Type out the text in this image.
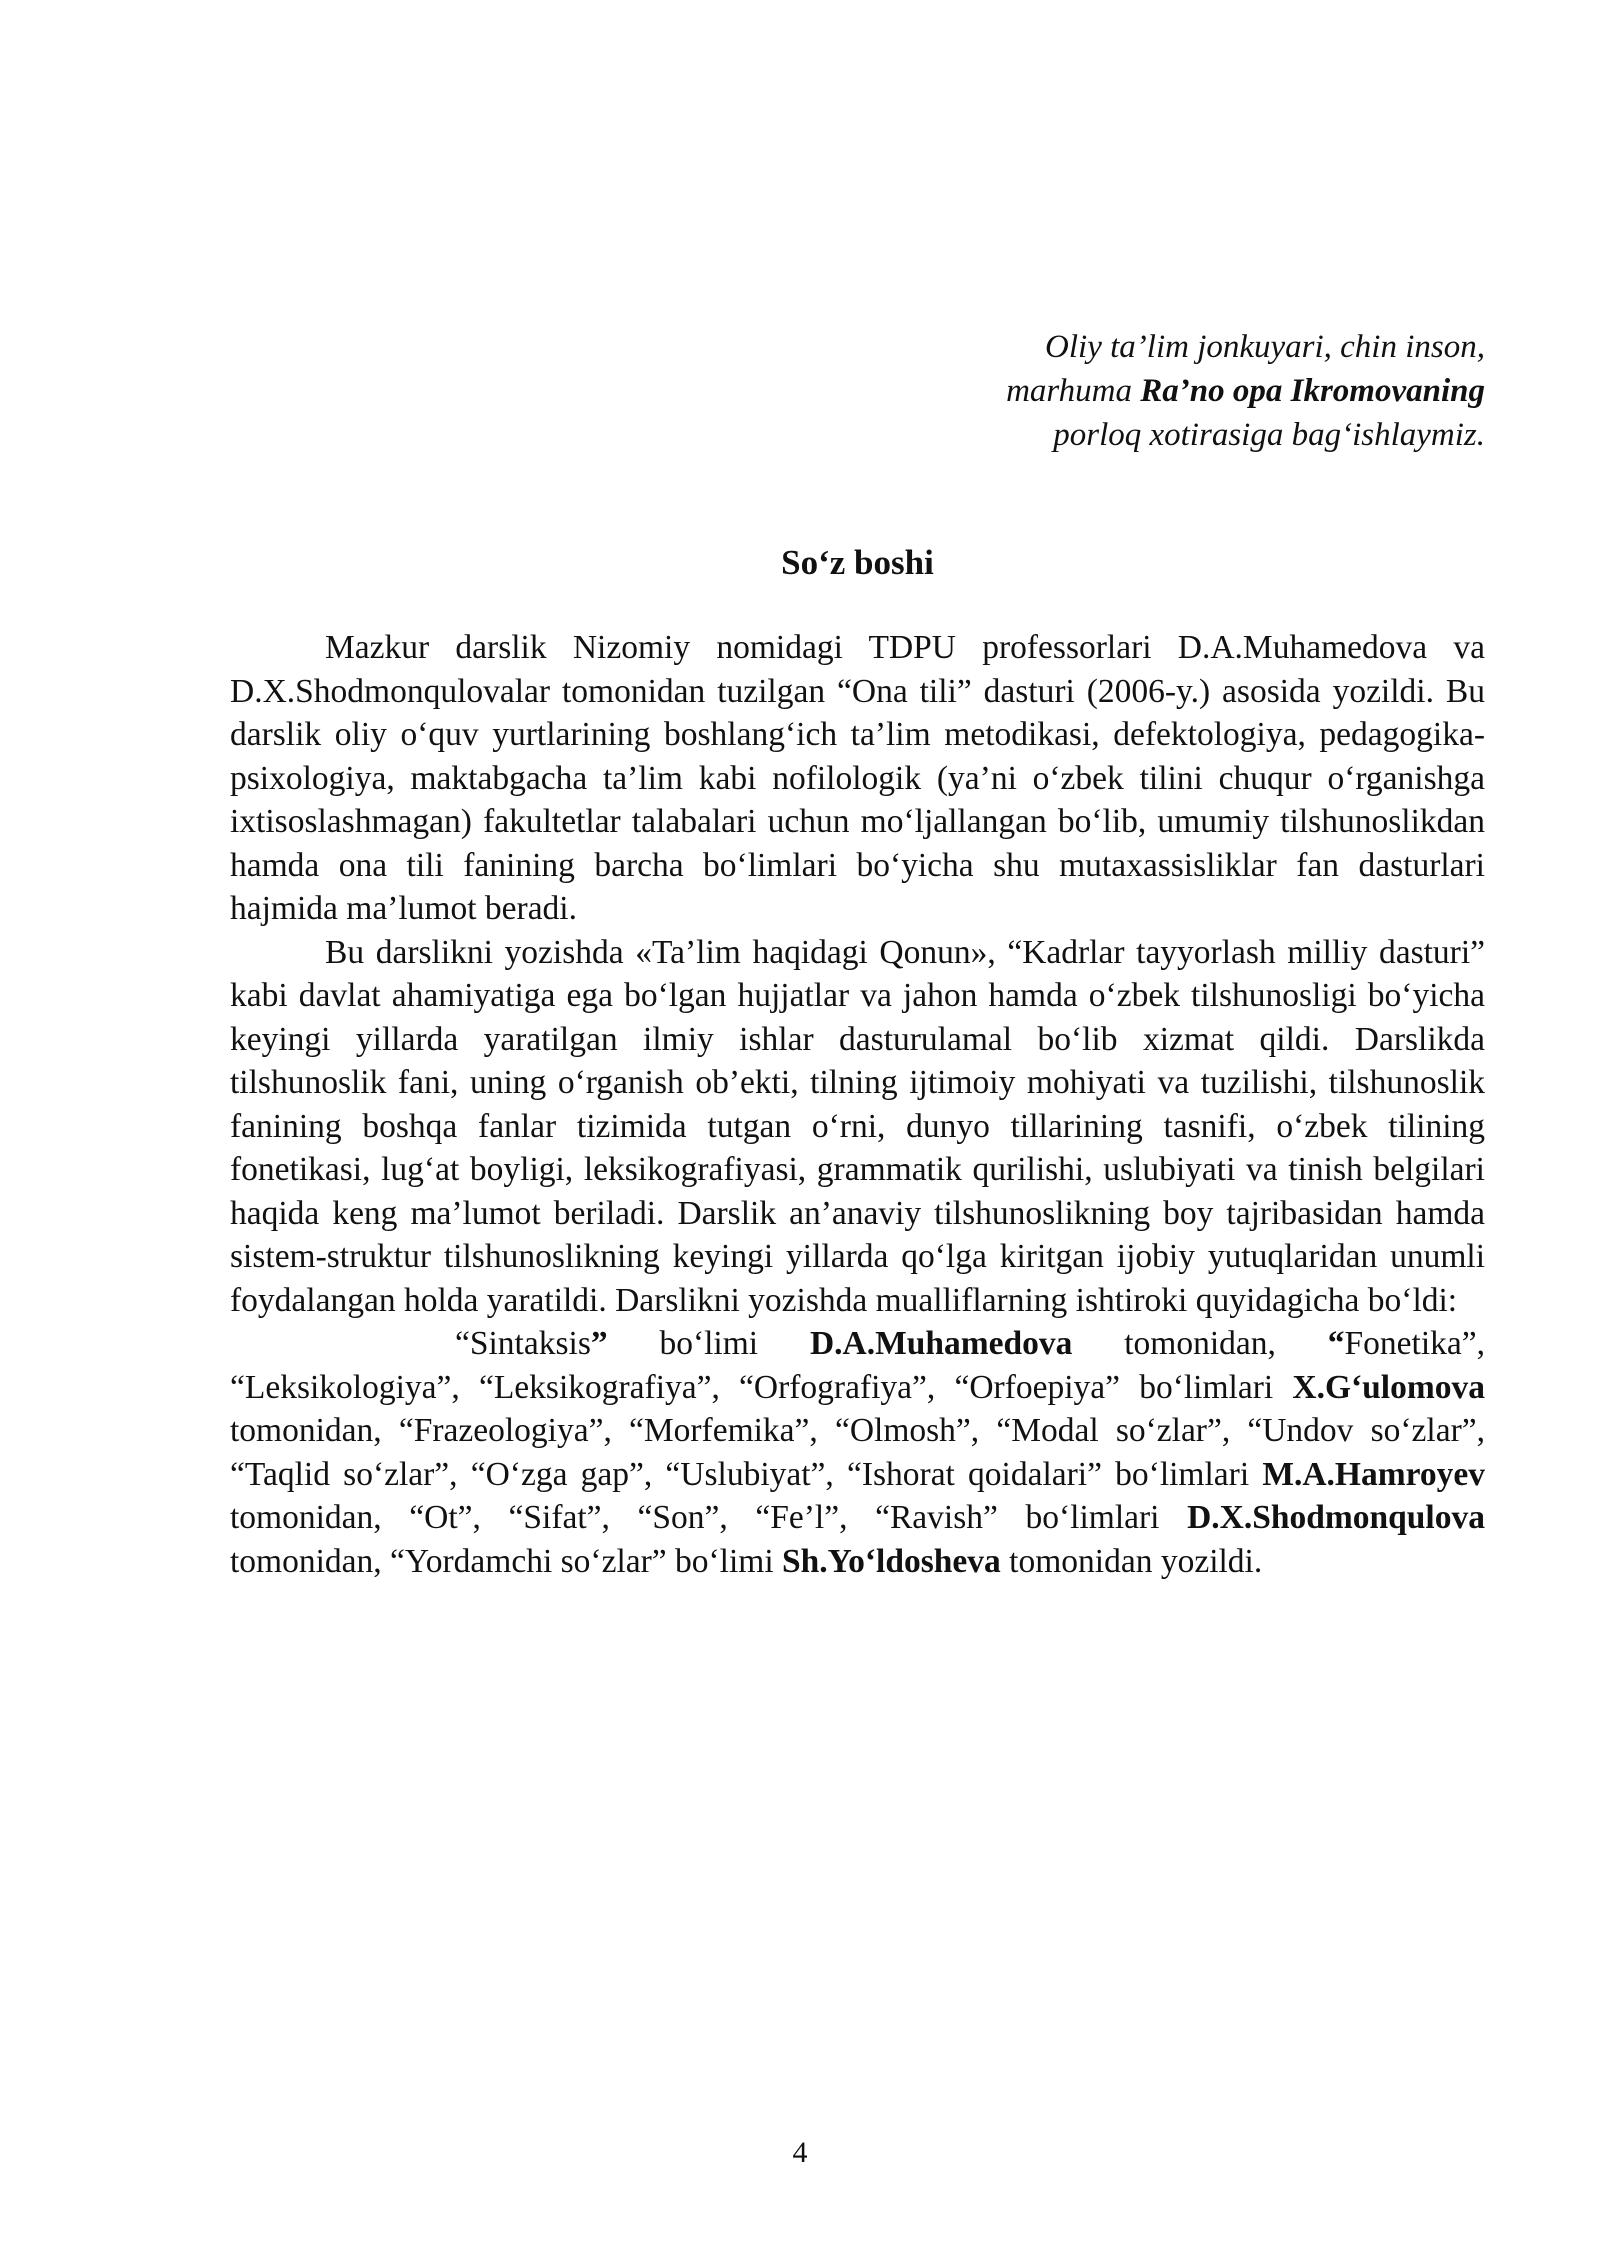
Oliy ta’lim jonkuyari, chin inson,
marhuma Ra’no opa Ikromovaning
porloq xotirasiga bag‘ishlaymiz.
So‘z boshi

Mazkur darslik Nizomiy nomidagi TDPU professorlari D.A.Muhamedova va D.X.Shodmonqulovalar tomonidan tuzilgan “Ona tili” dasturi (2006-y.) asosida yozildi. Bu darslik oliy o‘quv yurtlarining boshlang‘ich ta’lim metodikasi, defektologiya, pedagogika-psixologiya, maktabgacha ta’lim kabi nofilologik (ya’ni o‘zbek tilini chuqur o‘rganishga ixtisoslashmagan) fakultetlar talabalari uchun mo‘ljallangan bo‘lib, umumiy tilshunoslikdan hamda ona tili fanining barcha bo‘limlari bo‘yicha shu mutaxassisliklar fan dasturlari hajmida ma’lumot beradi.

Bu darslikni yozishda «Ta’lim haqidagi Qonun», “Kadrlar tayyorlash milliy dasturi” kabi davlat ahamiyatiga ega bo‘lgan hujjatlar va jahon hamda o‘zbek tilshunosligi bo‘yicha keyingi yillarda yaratilgan ilmiy ishlar dasturulamal bo‘lib xizmat qildi. Darslikda tilshunoslik fani, uning o‘rganish ob’ekti, tilning ijtimoiy mohiyati va tuzilishi, tilshunoslik fanining boshqa fanlar tizimida tutgan o‘rni, dunyo tillarining tasnifi, o‘zbek tilining fonetikasi, lug‘at boyligi, leksikografiyasi, grammatik qurilishi, uslubiyati va tinish belgilari haqida keng ma’lumot beriladi. Darslik an’anaviy tilshunoslikning boy tajribasidan hamda sistem-struktur tilshunoslikning keyingi yillarda qo‘lga kiritgan ijobiy yutuqlaridan unumli foydalangan holda yaratildi. Darslikni yozishda mualliflarning ishtiroki quyidagicha bo‘ldi:

“Sintaksis” bo‘limi D.A.Muhamedova tomonidan, “Fonetika”, “Leksikologiya”, “Leksikografiya”, “Orfografiya”, “Orfoepiya” bo‘limlari X.G‘ulomova tomonidan, “Frazeologiya”, “Morfemika”, “Olmosh”, “Modal so‘zlar”, “Undov so‘zlar”, “Taqlid so‘zlar”, “O‘zga gap”, “Uslubiyat”, “Ishorat qoidalari” bo‘limlari M.A.Hamroyev tomonidan, “Ot”, “Sifat”, “Son”, “Fe’l”, “Ravish” bo‘limlari D.X.Shodmonqulova tomonidan, “Yordamchi so‘zlar” bo‘limi Sh.Yo‘ldosheva tomonidan yozildi.

4
